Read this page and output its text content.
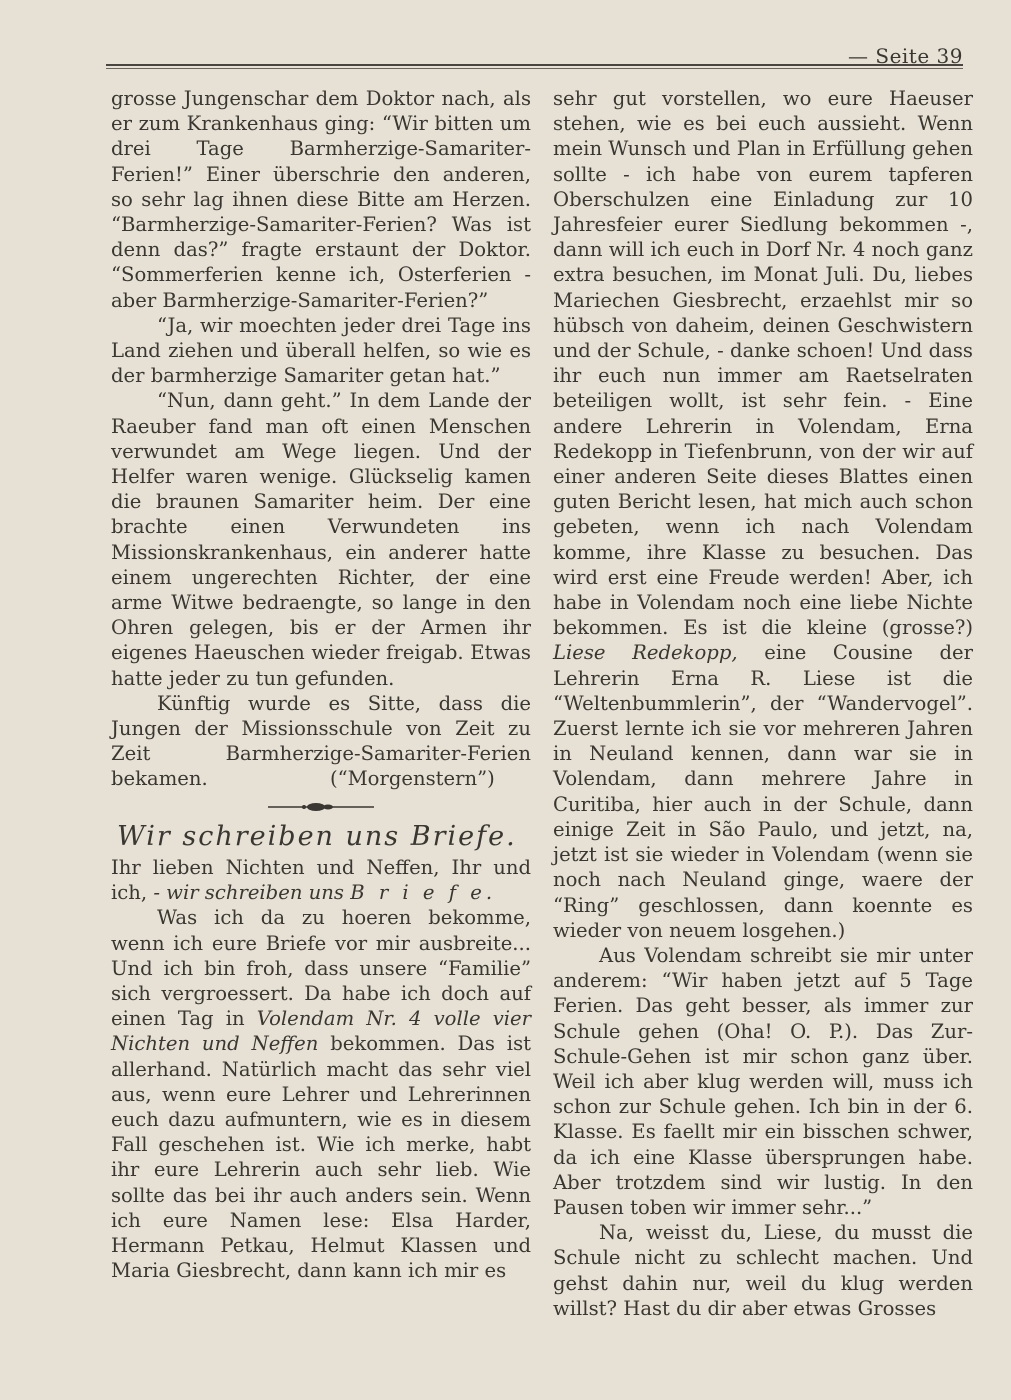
— Seite 39

grosse Jungenschar dem Doktor nach, als er zum Krankenhaus ging: “Wir bitten um drei Tage Barmherzige-Samariter-Ferien!” Einer überschrie den anderen, so sehr lag ihnen diese Bitte am Herzen. “Barmherzige-Samariter-Ferien? Was ist denn das?” fragte erstaunt der Doktor. “Sommerferien kenne ich, Osterferien - aber Barmherzige-Samariter-Ferien?”

“Ja, wir moechten jeder drei Tage ins Land ziehen und überall helfen, so wie es der barmherzige Samariter getan hat.”

“Nun, dann geht.” In dem Lande der Raeuber fand man oft einen Menschen verwundet am Wege liegen. Und der Helfer waren wenige. Glückselig kamen die braunen Samariter heim. Der eine brachte einen Verwundeten ins Missionskrankenhaus, ein anderer hatte einem ungerechten Richter, der eine arme Witwe bedraengte, so lange in den Ohren gelegen, bis er der Armen ihr eigenes Haeuschen wieder freigab. Etwas hatte jeder zu tun gefunden.

Künftig wurde es Sitte, dass die Jungen der Missionsschule von Zeit zu Zeit Barmherzige-Samariter-Ferien bekamen.	(“Morgenstern”)

Wir schreiben uns Briefe.

Ihr lieben Nichten und Neffen, Ihr und ich, - wir schreiben uns B r i e f e.

Was ich da zu hoeren bekomme, wenn ich eure Briefe vor mir ausbreite... Und ich bin froh, dass unsere “Familie” sich vergroessert. Da habe ich doch auf einen Tag in Volendam Nr. 4 volle vier Nichten und Neffen bekommen. Das ist allerhand. Natürlich macht das sehr viel aus, wenn eure Lehrer und Lehrerinnen euch dazu aufmuntern, wie es in diesem Fall geschehen ist. Wie ich merke, habt ihr eure Lehrerin auch sehr lieb. Wie sollte das bei ihr auch anders sein. Wenn ich eure Namen lese: Elsa Harder, Hermann Petkau, Helmut Klassen und Maria Giesbrecht, dann kann ich mir es

sehr gut vorstellen, wo eure Haeuser stehen, wie es bei euch aussieht. Wenn mein Wunsch und Plan in Erfüllung gehen sollte - ich habe von eurem tapferen Oberschulzen eine Einladung zur 10 Jahresfeier eurer Siedlung bekommen -, dann will ich euch in Dorf Nr. 4 noch ganz extra besuchen, im Monat Juli. Du, liebes Mariechen Giesbrecht, erzaehlst mir so hübsch von daheim, deinen Geschwistern und der Schule, - danke schoen! Und dass ihr euch nun immer am Raetselraten beteiligen wollt, ist sehr fein. - Eine andere Lehrerin in Volendam, Erna Redekopp in Tiefenbrunn, von der wir auf einer anderen Seite dieses Blattes einen guten Bericht lesen, hat mich auch schon gebeten, wenn ich nach Volendam komme, ihre Klasse zu besuchen. Das wird erst eine Freude werden! Aber, ich habe in Volendam noch eine liebe Nichte bekommen. Es ist die kleine (grosse?) Liese Redekopp, eine Cousine der Lehrerin Erna R. Liese ist die “Weltenbummlerin”, der “Wandervogel”. Zuerst lernte ich sie vor mehreren Jahren in Neuland kennen, dann war sie in Volendam, dann mehrere Jahre in Curitiba, hier auch in der Schule, dann einige Zeit in São Paulo, und jetzt, na, jetzt ist sie wieder in Volendam (wenn sie noch nach Neuland ginge, waere der “Ring” geschlossen, dann koennte es wieder von neuem losgehen.)

Aus Volendam schreibt sie mir unter anderem: “Wir haben jetzt auf 5 Tage Ferien. Das geht besser, als immer zur Schule gehen (Oha! O. P.). Das Zur-Schule-Gehen ist mir schon ganz über. Weil ich aber klug werden will, muss ich schon zur Schule gehen. Ich bin in der 6. Klasse. Es faellt mir ein bisschen schwer, da ich eine Klasse übersprungen habe. Aber trotzdem sind wir lustig. In den Pausen toben wir immer sehr...”

Na, weisst du, Liese, du musst die Schule nicht zu schlecht machen. Und gehst dahin nur, weil du klug werden willst? Hast du dir aber etwas Grosses
